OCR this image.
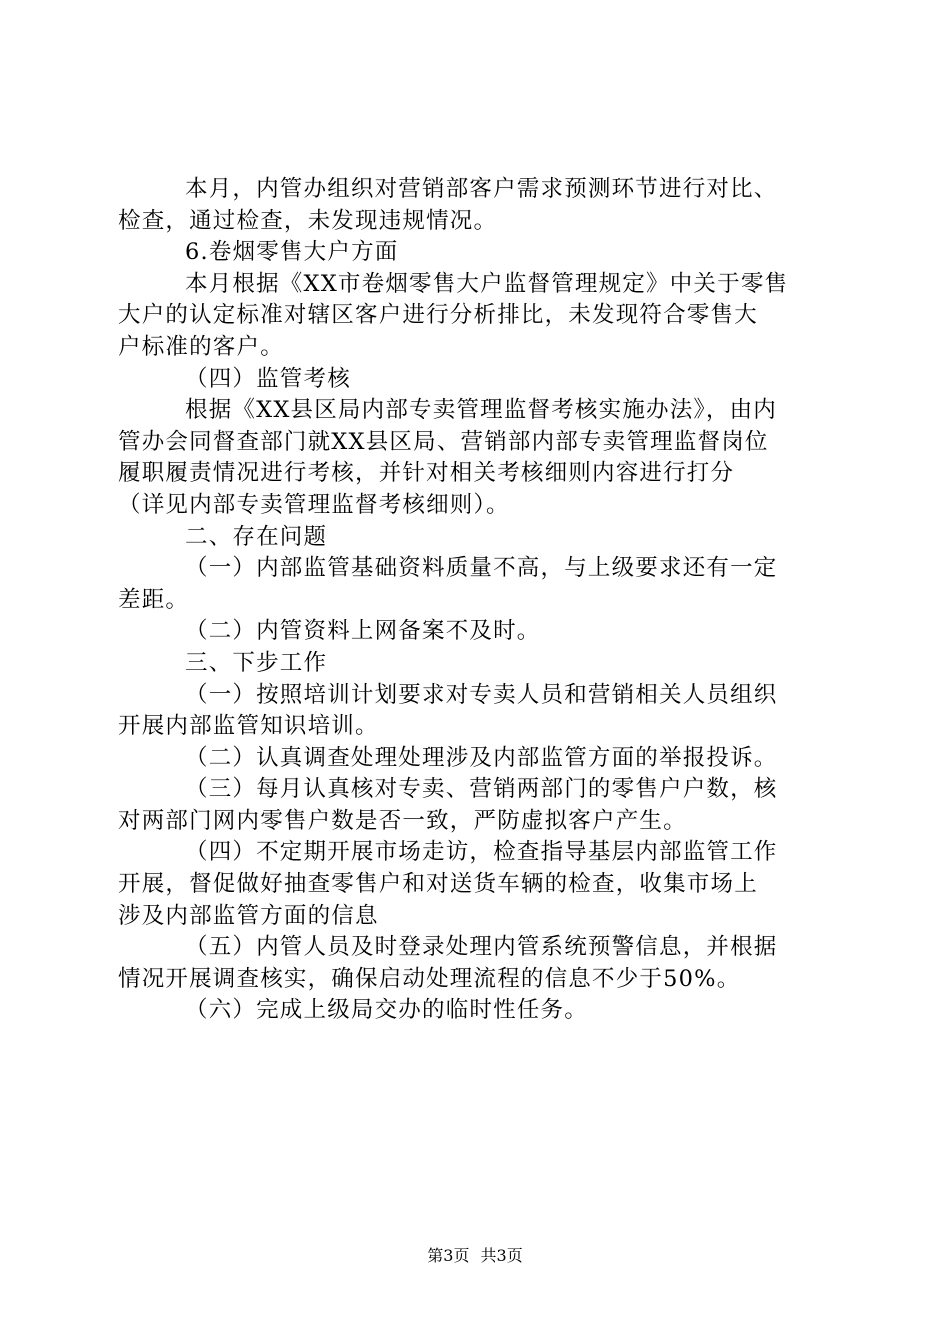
本月，内管办组织对营销部客户需求预测环节进行对比、
检查，通过检查，未发现违规情况。
6.卷烟零售大户方面
本月根据《XX市卷烟零售大户监督管理规定》中关于零售
大户的认定标准对辖区客户进行分析排比，未发现符合零售大
户标准的客户。
（四）监管考核
根据《XX县区局内部专卖管理监督考核实施办法》，由内
管办会同督查部门就XX县区局、营销部内部专卖管理监督岗位
履职履责情况进行考核，并针对相关考核细则内容进行打分
（详见内部专卖管理监督考核细则）。
二、存在问题
（一）内部监管基础资料质量不高，与上级要求还有一定
差距。
（二）内管资料上网备案不及时。
三、下步工作
（一）按照培训计划要求对专卖人员和营销相关人员组织
开展内部监管知识培训。
（二）认真调查处理处理涉及内部监管方面的举报投诉。
（三）每月认真核对专卖、营销两部门的零售户户数，核
对两部门网内零售户数是否一致，严防虚拟客户产生。
（四）不定期开展市场走访，检查指导基层内部监管工作
开展，督促做好抽查零售户和对送货车辆的检查，收集市场上
涉及内部监管方面的信息
（五）内管人员及时登录处理内管系统预警信息，并根据
情况开展调查核实，确保启动处理流程的信息不少于50%。
（六）完成上级局交办的临时性任务。
第3页 共3页
